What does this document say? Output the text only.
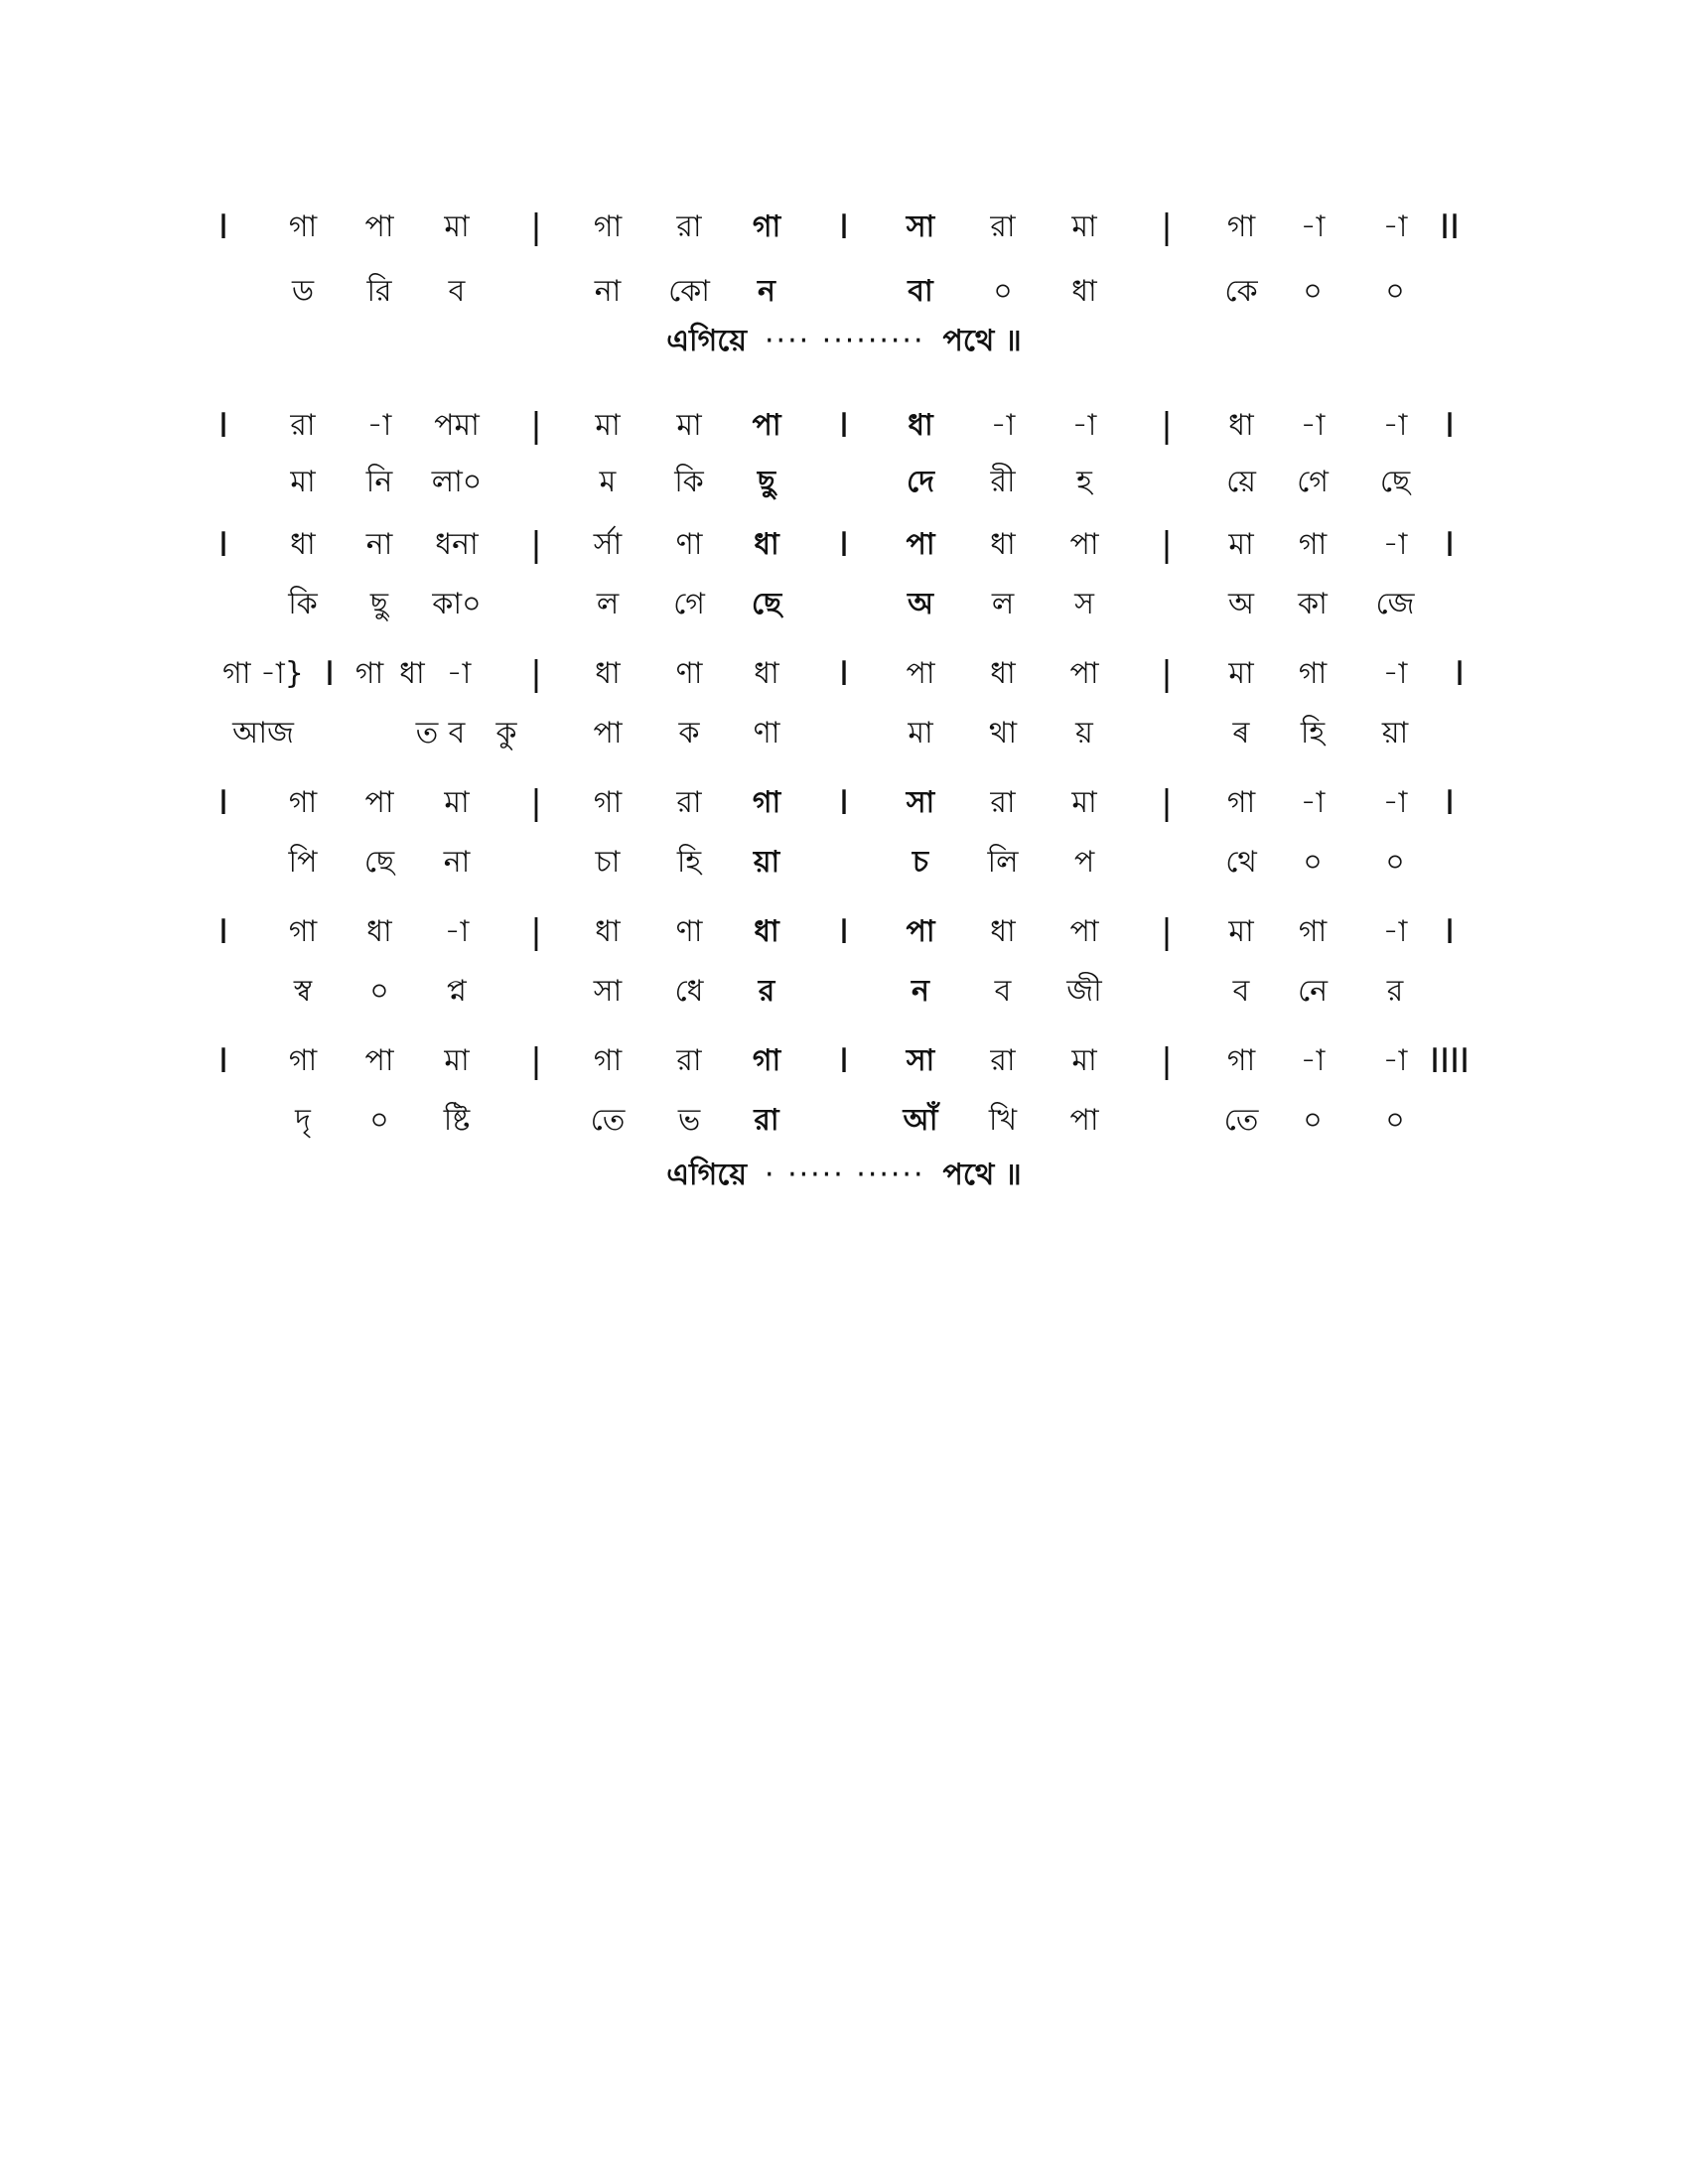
I গা পা মা | গা রা গা I সা রা মা | গা -া -া II
ড রি ব	না কো ন	বা ০ ধা	কে ০ ০
এগিয়ে ···· ········· পথে ॥
I রা -া পমা | মা মা পা I ধা -া -া | ধা -া -া I
মা নি লা০	ম কি ছু	দে রী হ	য়ে গে ছে
I ধা না ধনা | র্সা ণা ধা I পা ধা পা | মা গা -া I
কি ছু কা০	ল গে ছে	অ ল স	অ কা জে
গা -া} I গা ধা -া | ধা ণা ধা I পা ধা পা | মা গা -া I
আজ	ত ব কু	পা ক ণা	মা থা য়	ৰ হি য়া
I গা পা মা | গা রা গা I সা রা মা | গা -া -া I
পি ছে না	চা হি য়া	চ লি প	থে ০ ০
I গা ধা -া | ধা ণা ধা I পা ধা পা | মা গা -া I
স্ব ০ প্ন	সা ধে র	ন ব জী	ব নে র
I গা পা মা | গা রা গা I সা রা মা | গা -া -া IIII
দৃ ০ ষ্টি	তে ভ রা	আঁ খি পা	তে ০ ০
এগিয়ে · ····· ······ পথে ॥
